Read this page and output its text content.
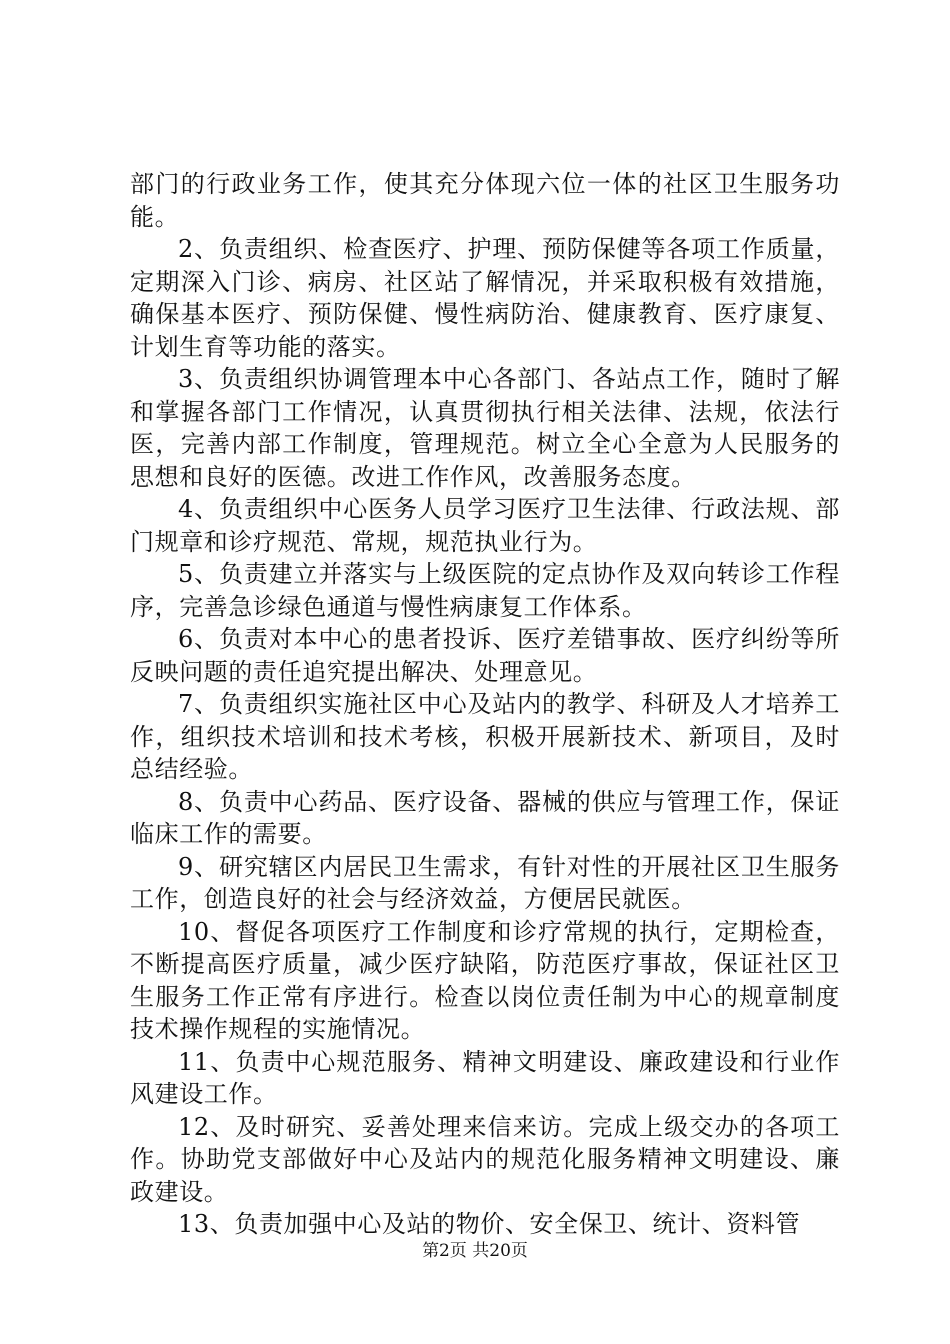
部门的行政业务工作，使其充分体现六位一体的社区卫生服务功能。

2、负责组织、检查医疗、护理、预防保健等各项工作质量，定期深入门诊、病房、社区站了解情况，并采取积极有效措施，确保基本医疗、预防保健、慢性病防治、健康教育、医疗康复、计划生育等功能的落实。

3、负责组织协调管理本中心各部门、各站点工作，随时了解和掌握各部门工作情况，认真贯彻执行相关法律、法规，依法行医，完善内部工作制度，管理规范。树立全心全意为人民服务的思想和良好的医德。改进工作作风，改善服务态度。

4、负责组织中心医务人员学习医疗卫生法律、行政法规、部门规章和诊疗规范、常规，规范执业行为。

5、负责建立并落实与上级医院的定点协作及双向转诊工作程序，完善急诊绿色通道与慢性病康复工作体系。

6、负责对本中心的患者投诉、医疗差错事故、医疗纠纷等所反映问题的责任追究提出解决、处理意见。

7、负责组织实施社区中心及站内的教学、科研及人才培养工作，组织技术培训和技术考核，积极开展新技术、新项目，及时总结经验。

8、负责中心药品、医疗设备、器械的供应与管理工作，保证临床工作的需要。

9、研究辖区内居民卫生需求，有针对性的开展社区卫生服务工作，创造良好的社会与经济效益，方便居民就医。

10、督促各项医疗工作制度和诊疗常规的执行，定期检查，不断提高医疗质量，减少医疗缺陷，防范医疗事故，保证社区卫生服务工作正常有序进行。检查以岗位责任制为中心的规章制度技术操作规程的实施情况。

11、负责中心规范服务、精神文明建设、廉政建设和行业作风建设工作。

12、及时研究、妥善处理来信来访。完成上级交办的各项工作。协助党支部做好中心及站内的规范化服务精神文明建设、廉政建设。

13、负责加强中心及站的物价、安全保卫、统计、资料管

第2页 共20页
